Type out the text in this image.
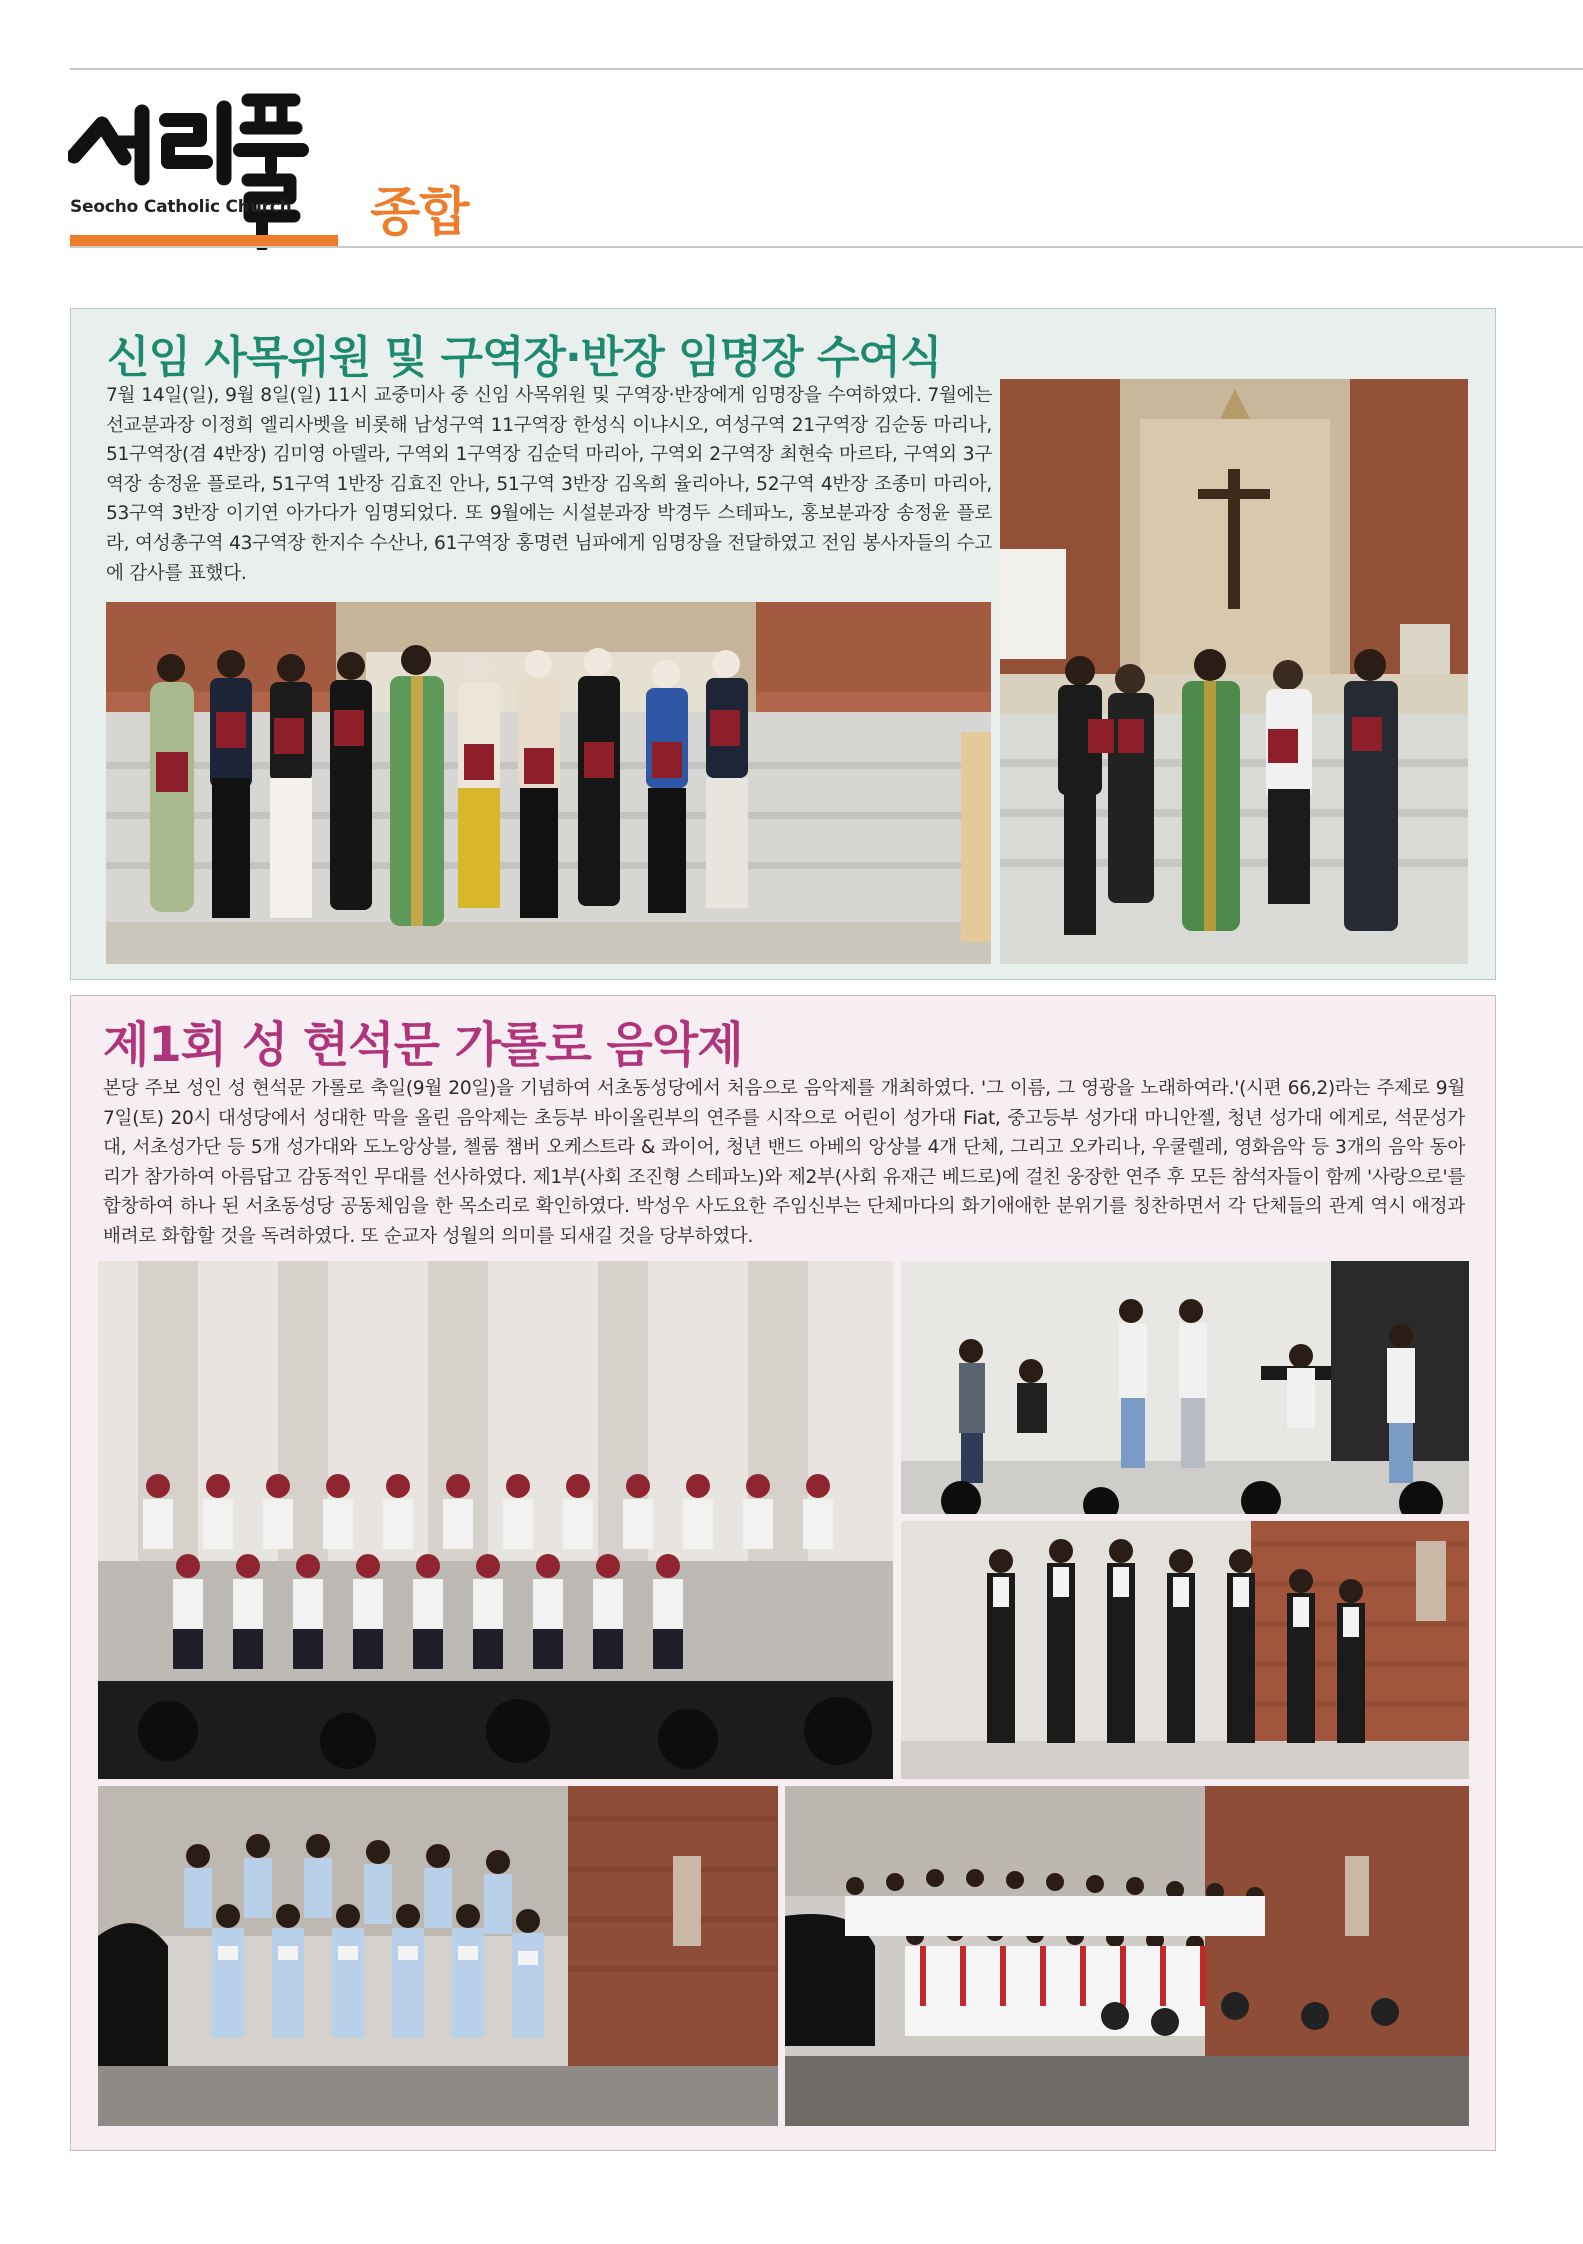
Seocho Catholic Church 종합
신임 사목위원 및 구역장·반장 임명장 수여식

7월 14일(일), 9월 8일(일) 11시 교중미사 중 신임 사목위원 및 구역장·반장에게 임명장을 수여하였다. 7월에는 선교분과장 이정희 엘리사벳을 비롯해 남성구역 11구역장 한성식 이냐시오, 여성구역 21구역장 김순동 마리나, 51구역장(겸 4반장) 김미영 아델라, 구역외 1구역장 김순덕 마리아, 구역외 2구역장 최현숙 마르타, 구역외 3구역장 송정윤 플로라, 51구역 1반장 김효진 안나, 51구역 3반장 김옥희 율리아나, 52구역 4반장 조종미 마리아, 53구역 3반장 이기연 아가다가 임명되었다. 또 9월에는 시설분과장 박경두 스테파노, 홍보분과장 송정윤 플로라, 여성총구역 43구역장 한지수 수산나, 61구역장 홍명련 님파에게 임명장을 전달하였고 전임 봉사자들의 수고에 감사를 표했다.

제1회 성 현석문 가롤로 음악제

본당 주보 성인 성 현석문 가롤로 축일(9월 20일)을 기념하여 서초동성당에서 처음으로 음악제를 개최하였다. '그 이름, 그 영광을 노래하여라.'(시편 66,2)라는 주제로 9월 7일(토) 20시 대성당에서 성대한 막을 올린 음악제는 초등부 바이올린부의 연주를 시작으로 어린이 성가대 Fiat, 중고등부 성가대 마니안젤, 청년 성가대 에게로, 석문성가대, 서초성가단 등 5개 성가대와 도노앙상블, 첼룸 챔버 오케스트라 & 콰이어, 청년 밴드 아베의 앙상블 4개 단체, 그리고 오카리나, 우쿨렐레, 영화음악 등 3개의 음악 동아리가 참가하여 아름답고 감동적인 무대를 선사하였다. 제1부(사회 조진형 스테파노)와 제2부(사회 유재근 베드로)에 걸친 웅장한 연주 후 모든 참석자들이 함께 '사랑으로'를 합창하여 하나 된 서초동성당 공동체임을 한 목소리로 확인하였다. 박성우 사도요한 주임신부는 단체마다의 화기애애한 분위기를 칭찬하면서 각 단체들의 관계 역시 애정과 배려로 화합할 것을 독려하였다. 또 순교자 성월의 의미를 되새길 것을 당부하였다.
